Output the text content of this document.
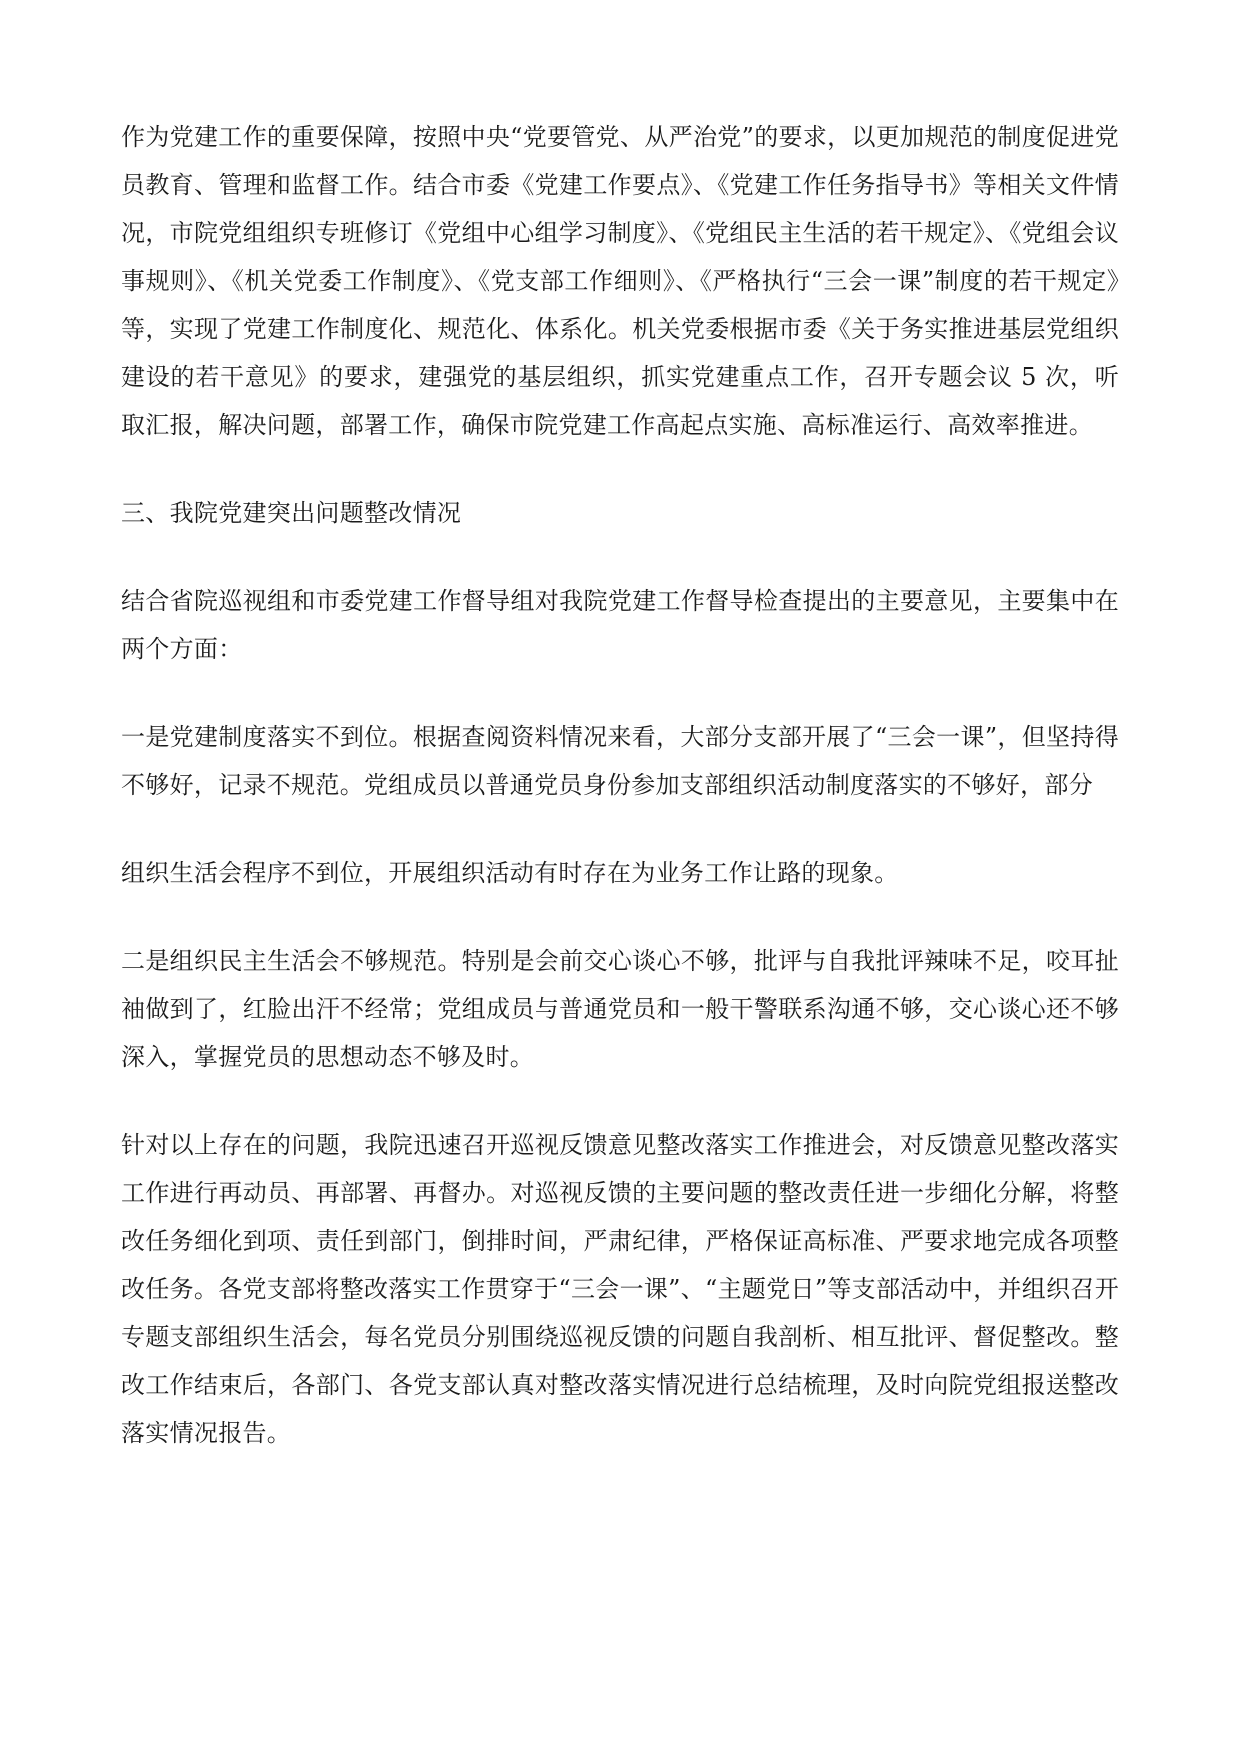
作为党建工作的重要保障，按照中央“党要管党、从严治党”的要求，以更加规范的制度促进党员教育、管理和监督工作。结合市委《党建工作要点》、《党建工作任务指导书》等相关文件情况，市院党组组织专班修订《党组中心组学习制度》、《党组民主生活的若干规定》、《党组会议事规则》、《机关党委工作制度》、《党支部工作细则》、《严格执行“三会一课”制度的若干规定》等，实现了党建工作制度化、规范化、体系化。机关党委根据市委《关于务实推进基层党组织建设的若干意见》的要求，建强党的基层组织，抓实党建重点工作，召开专题会议 5 次，听取汇报，解决问题，部署工作，确保市院党建工作高起点实施、高标准运行、高效率推进。

三、我院党建突出问题整改情况

结合省院巡视组和市委党建工作督导组对我院党建工作督导检查提出的主要意见，主要集中在两个方面：

一是党建制度落实不到位。根据查阅资料情况来看，大部分支部开展了“三会一课”，但坚持得不够好，记录不规范。党组成员以普通党员身份参加支部组织活动制度落实的不够好，部分

组织生活会程序不到位，开展组织活动有时存在为业务工作让路的现象。

二是组织民主生活会不够规范。特别是会前交心谈心不够，批评与自我批评辣味不足，咬耳扯袖做到了，红脸出汗不经常；党组成员与普通党员和一般干警联系沟通不够，交心谈心还不够深入，掌握党员的思想动态不够及时。

针对以上存在的问题，我院迅速召开巡视反馈意见整改落实工作推进会，对反馈意见整改落实工作进行再动员、再部署、再督办。对巡视反馈的主要问题的整改责任进一步细化分解，将整改任务细化到项、责任到部门，倒排时间，严肃纪律，严格保证高标准、严要求地完成各项整改任务。各党支部将整改落实工作贯穿于“三会一课”、“主题党日”等支部活动中，并组织召开专题支部组织生活会，每名党员分别围绕巡视反馈的问题自我剖析、相互批评、督促整改。整改工作结束后，各部门、各党支部认真对整改落实情况进行总结梳理，及时向院党组报送整改落实情况报告。
